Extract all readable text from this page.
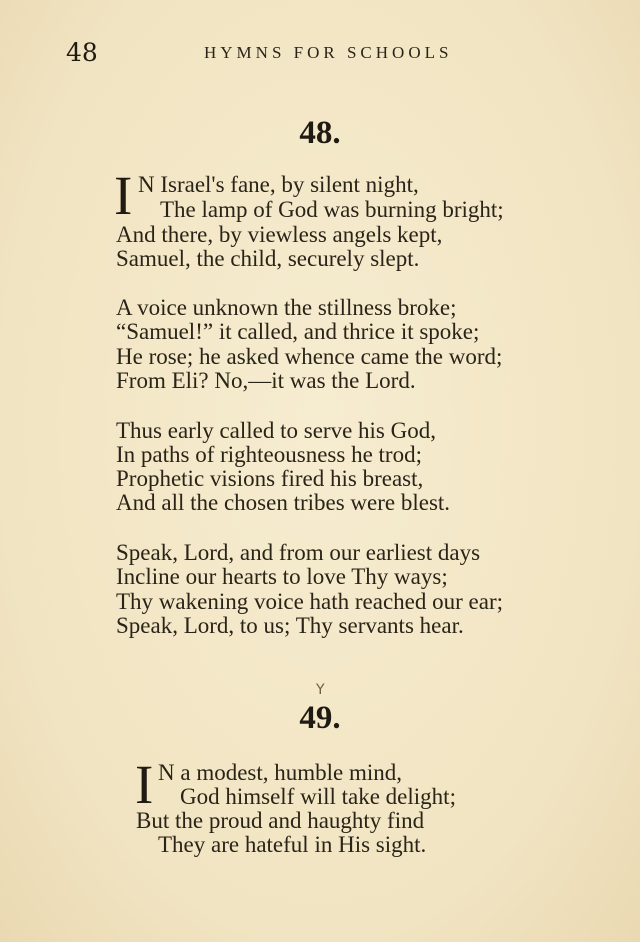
48	HYMNS FOR SCHOOLS
48.
I N Israel's fane, by silent night,
The lamp of God was burning bright;
And there, by viewless angels kept,
Samuel, the child, securely slept.
A voice unknown the stillness broke;
“Samuel!” it called, and thrice it spoke;
He rose; he asked whence came the word;
From Eli? No,—it was the Lord.
Thus early called to serve his God,
In paths of righteousness he trod;
Prophetic visions fired his breast,
And all the chosen tribes were blest.
Speak, Lord, and from our earliest days
Incline our hearts to love Thy ways;
Thy wakening voice hath reached our ear;
Speak, Lord, to us; Thy servants hear.
Y
49.
I N a modest, humble mind,
God himself will take delight;
But the proud and haughty find
They are hateful in His sight.
